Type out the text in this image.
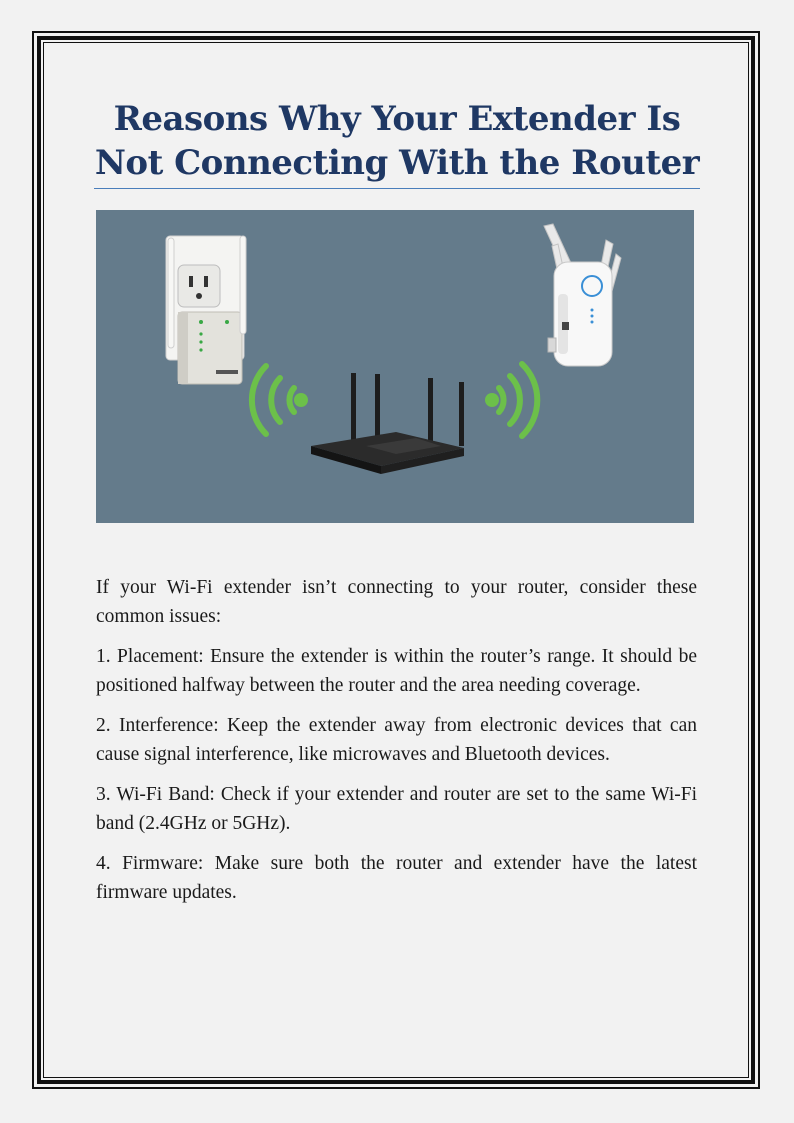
Reasons Why Your Extender Is Not Connecting With the Router

If your Wi-Fi extender isn’t connecting to your router, consider these common issues:

1. Placement: Ensure the extender is within the router’s range. It should be positioned halfway between the router and the area needing coverage.

2. Interference: Keep the extender away from electronic devices that can cause signal interference, like microwaves and Bluetooth devices.

3. Wi-Fi Band: Check if your extender and router are set to the same Wi-Fi band (2.4GHz or 5GHz).

4. Firmware: Make sure both the router and extender have the latest firmware updates.
